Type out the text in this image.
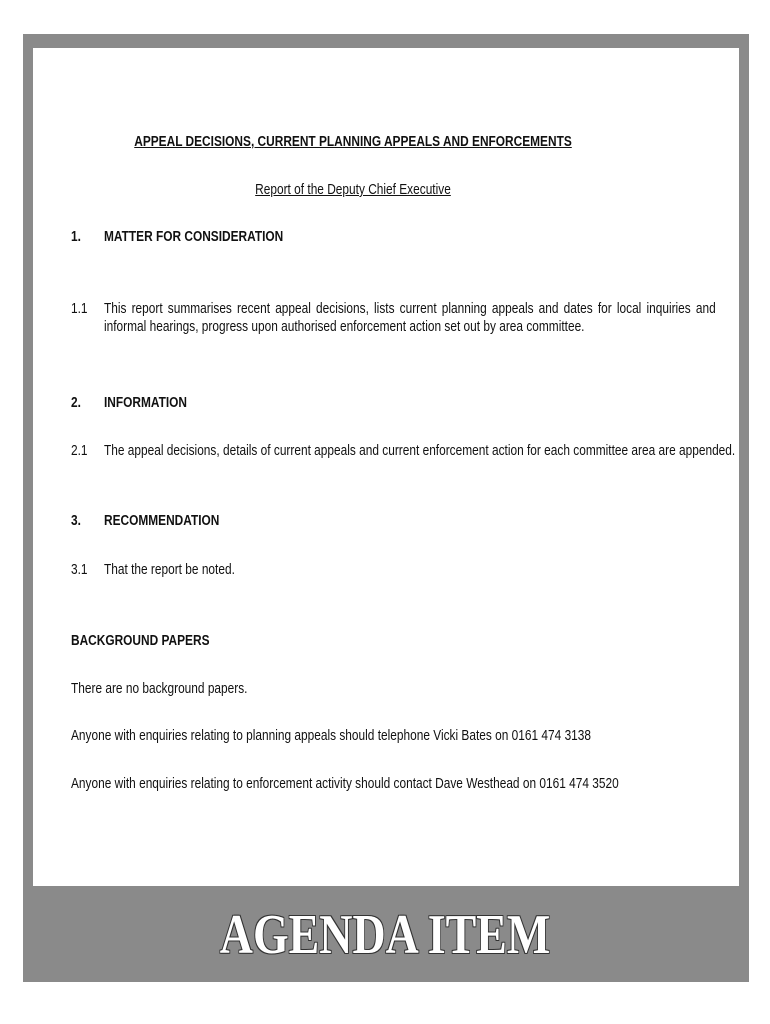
APPEAL DECISIONS, CURRENT PLANNING APPEALS AND ENFORCEMENTS
Report of the Deputy Chief Executive
1. MATTER FOR CONSIDERATION
1.1 This report summarises recent appeal decisions, lists current planning appeals and dates for local inquiries and informal hearings, progress upon authorised enforcement action set out by area committee.
2. INFORMATION
2.1 The appeal decisions, details of current appeals and current enforcement action for each committee area are appended.
3. RECOMMENDATION
3.1 That the report be noted.
BACKGROUND PAPERS
There are no background papers.
Anyone with enquiries relating to planning appeals should telephone Vicki Bates on 0161 474 3138
Anyone with enquiries relating to enforcement activity should contact Dave Westhead on 0161 474 3520
AGENDA ITEM
